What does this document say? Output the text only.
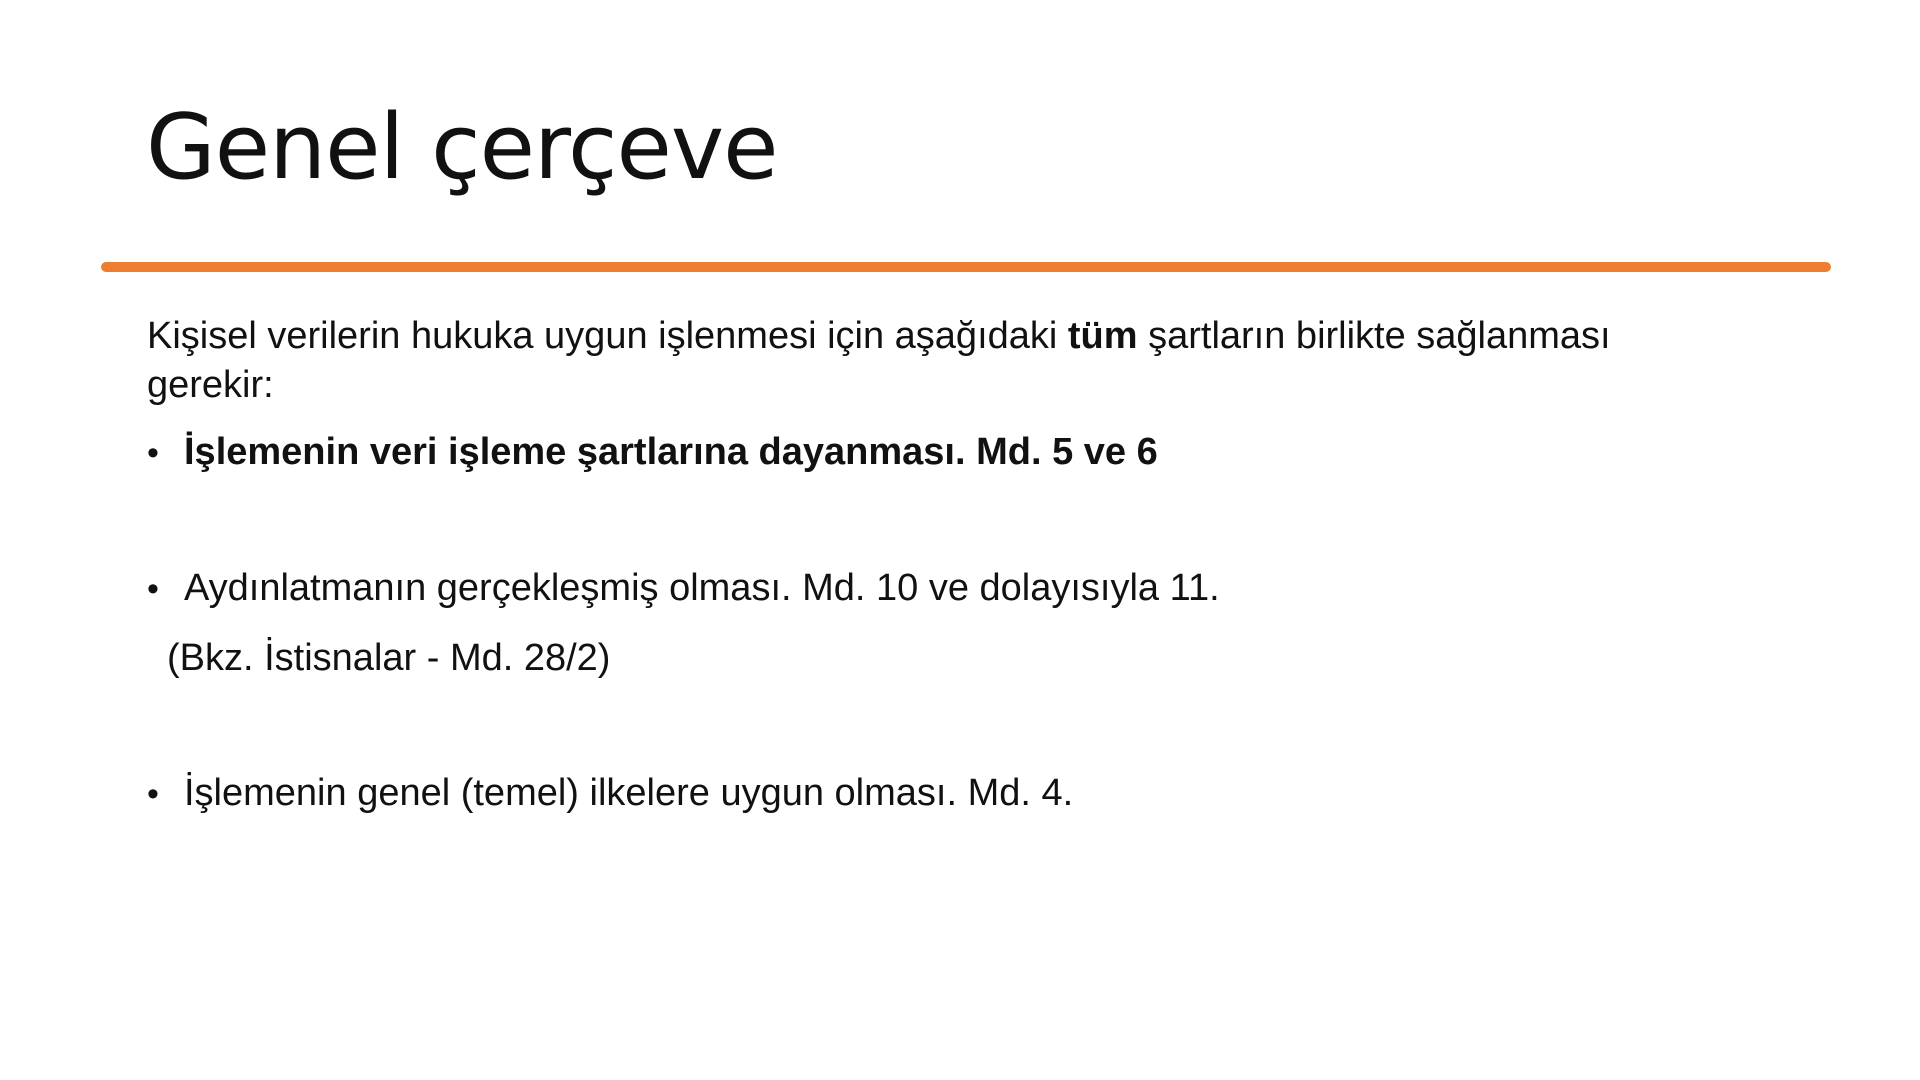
Genel çerçeve

Kişisel verilerin hukuka uygun işlenmesi için aşağıdaki tüm şartların birlikte sağlanması gerekir:

• İşlemenin veri işleme şartlarına dayanması. Md. 5 ve 6
• Aydınlatmanın gerçekleşmiş olması. Md. 10 ve dolayısıyla 11.

(Bkz. İstisnalar - Md. 28/2)

• İşlemenin genel (temel) ilkelere uygun olması. Md. 4.
